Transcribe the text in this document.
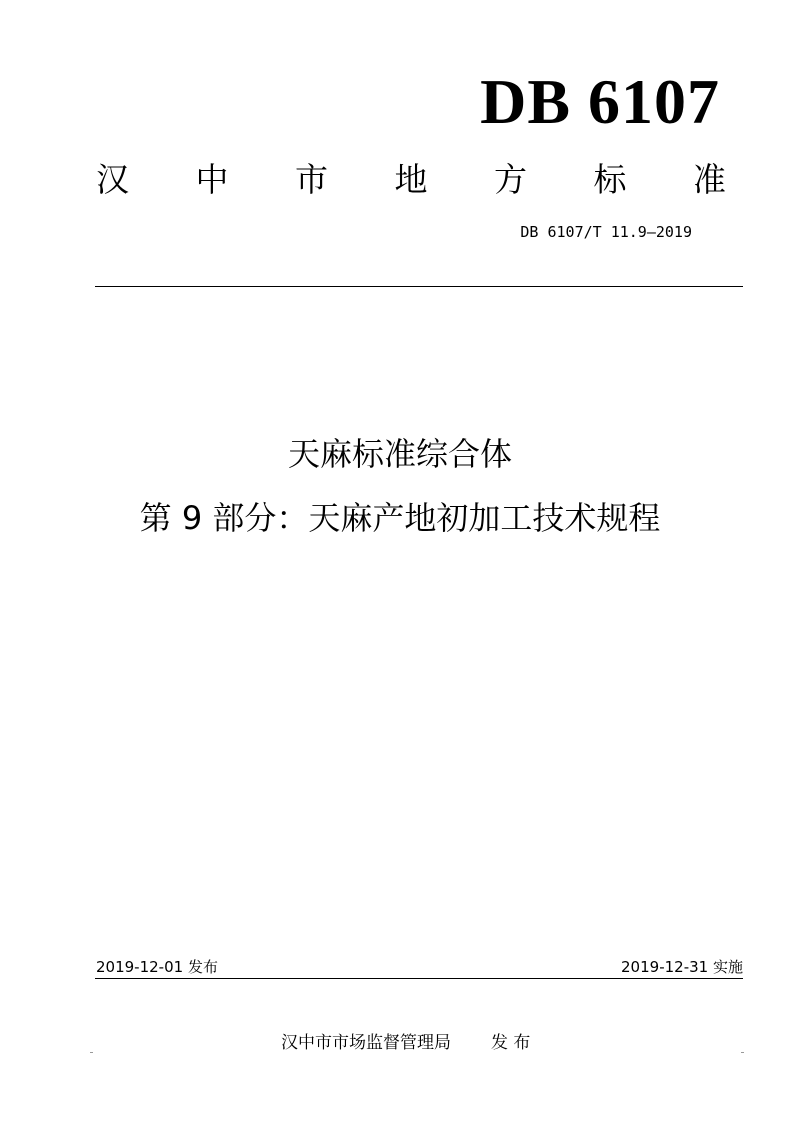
DB 6107
汉 中 市 地 方 标 准
DB 6107/T 11.9—2019
天麻标准综合体
第 9 部分：天麻产地初加工技术规程
2019-12-01 发布	2019-12-31 实施
汉中市市场监督管理局 发 布
